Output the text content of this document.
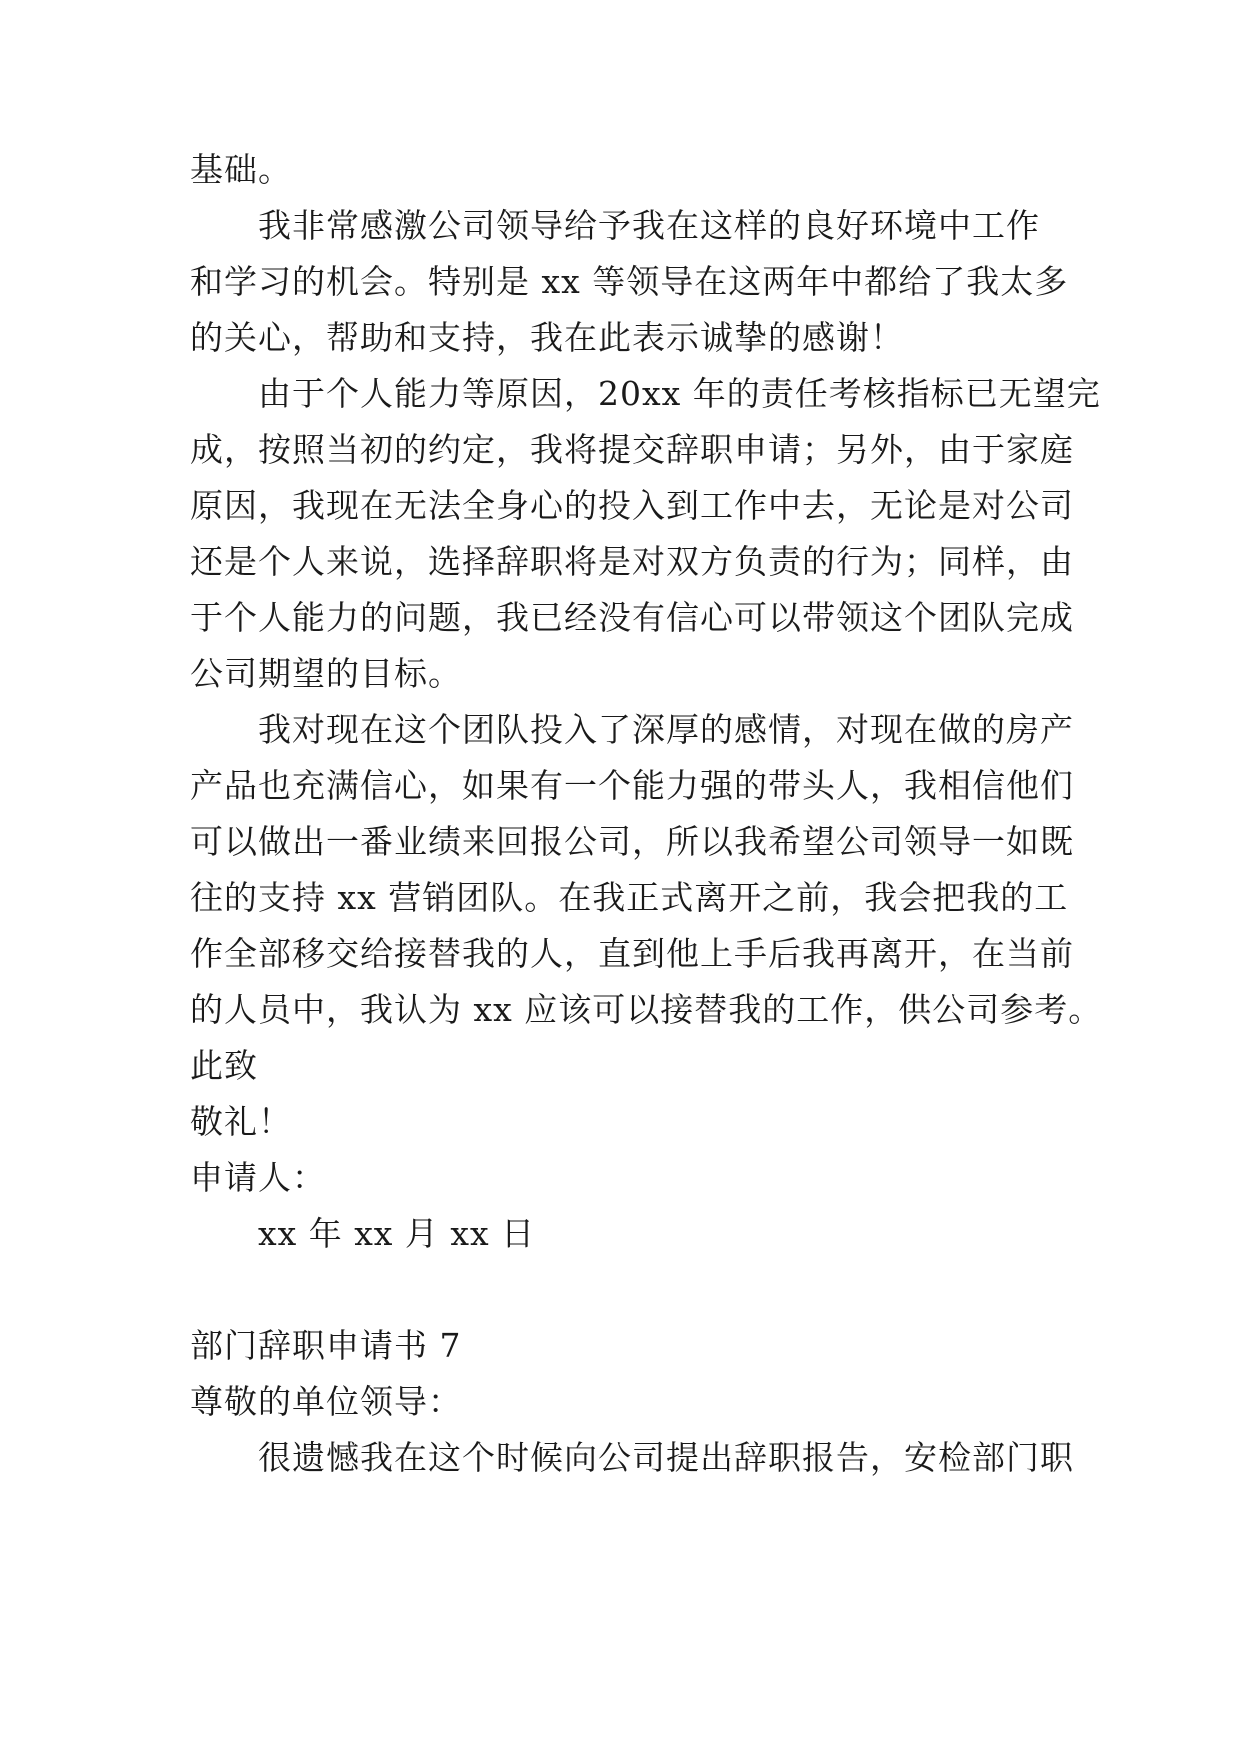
基础。
我非常感激公司领导给予我在这样的良好环境中工作
和学习的机会。特别是 xx 等领导在这两年中都给了我太多
的关心，帮助和支持，我在此表示诚挚的感谢！
由于个人能力等原因，20xx 年的责任考核指标已无望完
成，按照当初的约定，我将提交辞职申请；另外，由于家庭
原因，我现在无法全身心的投入到工作中去，无论是对公司
还是个人来说，选择辞职将是对双方负责的行为；同样，由
于个人能力的问题，我已经没有信心可以带领这个团队完成
公司期望的目标。
我对现在这个团队投入了深厚的感情，对现在做的房产
产品也充满信心，如果有一个能力强的带头人，我相信他们
可以做出一番业绩来回报公司，所以我希望公司领导一如既
往的支持 xx 营销团队。在我正式离开之前，我会把我的工
作全部移交给接替我的人，直到他上手后我再离开，在当前
的人员中，我认为 xx 应该可以接替我的工作，供公司参考。
此致
敬礼！
申请人：
xx 年 xx 月 xx 日
部门辞职申请书 7
尊敬的单位领导：
很遗憾我在这个时候向公司提出辞职报告，安检部门职
